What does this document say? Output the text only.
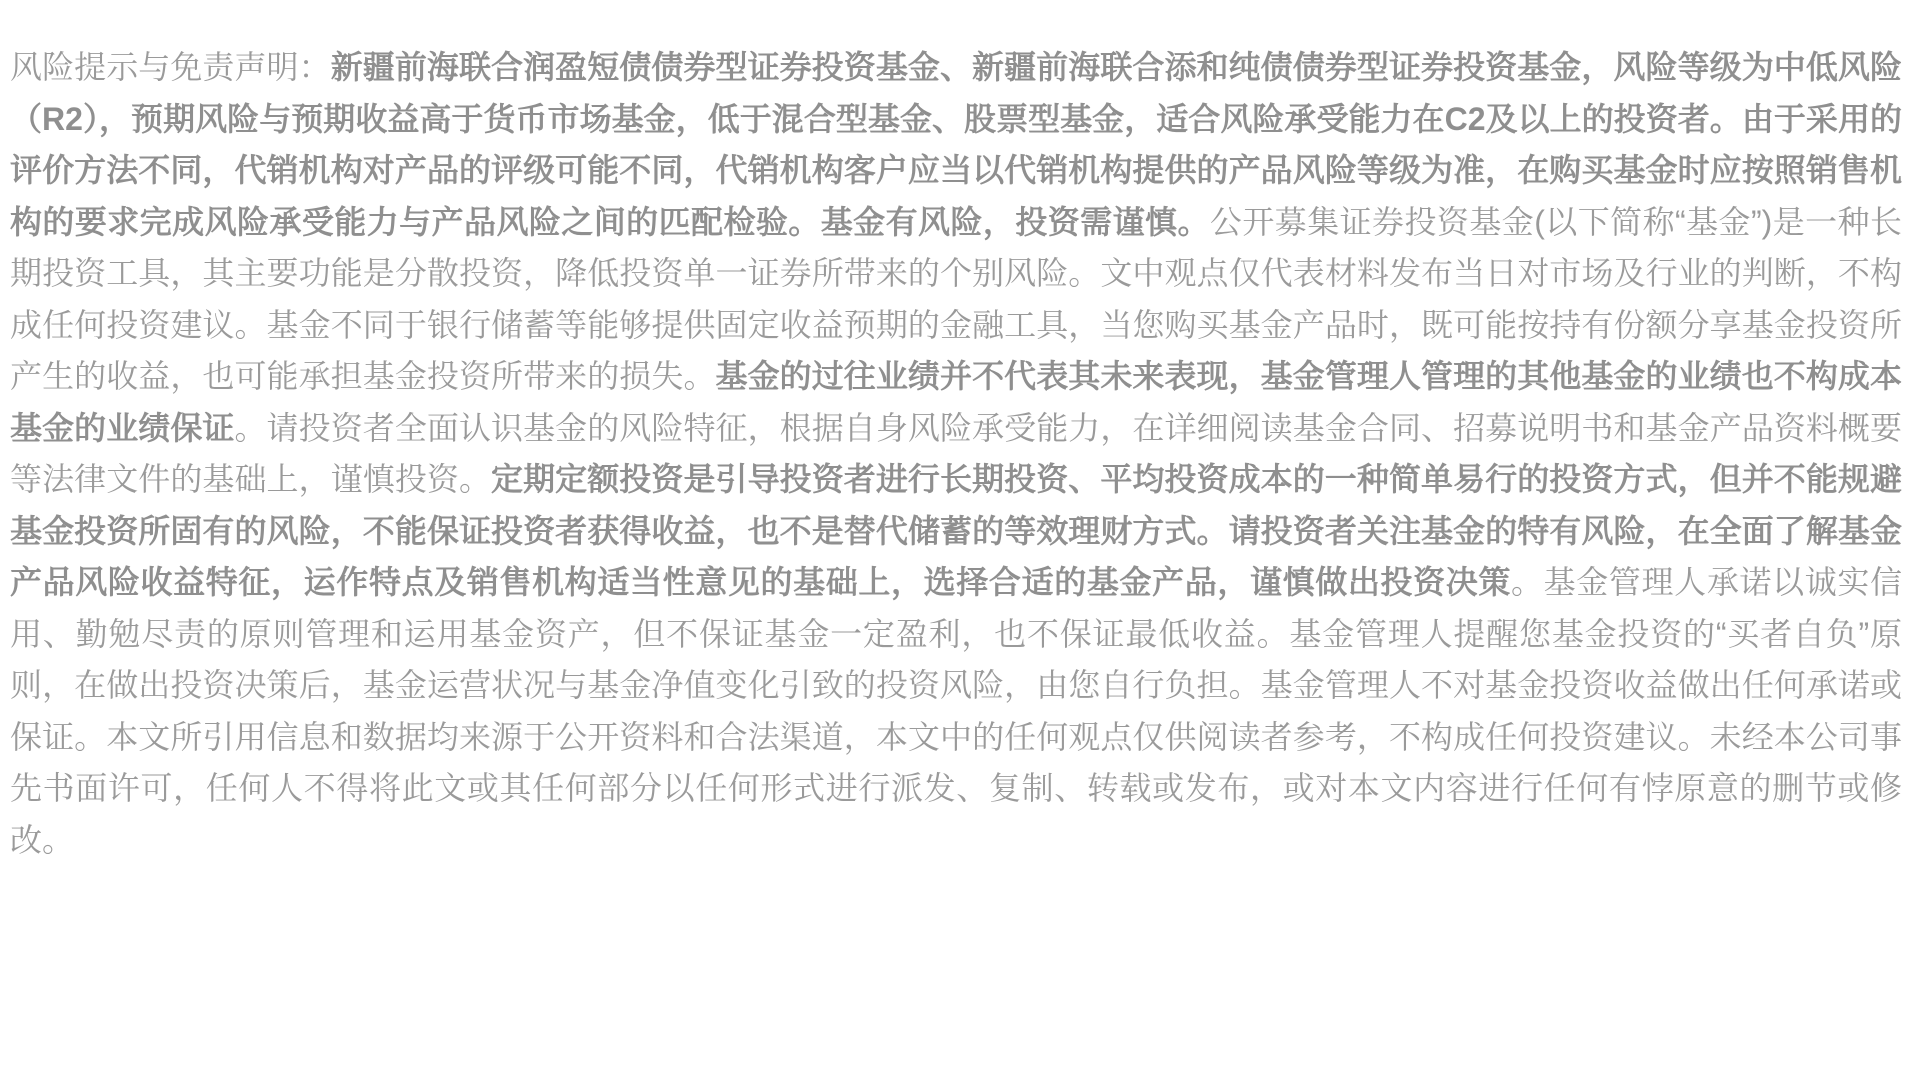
风险提示与免责声明：新疆前海联合润盈短债债券型证券投资基金、新疆前海联合添和纯债债券型证券投资基金，风险等级为中低风险（R2），预期风险与预期收益高于货币市场基金，低于混合型基金、股票型基金，适合风险承受能力在C2及以上的投资者。由于采用的评价方法不同，代销机构对产品的评级可能不同，代销机构客户应当以代销机构提供的产品风险等级为准，在购买基金时应按照销售机构的要求完成风险承受能力与产品风险之间的匹配检验。基金有风险，投资需谨慎。公开募集证券投资基金(以下简称“基金”)是一种长期投资工具，其主要功能是分散投资，降低投资单一证券所带来的个别风险。文中观点仅代表材料发布当日对市场及行业的判断，不构成任何投资建议。基金不同于银行储蓄等能够提供固定收益预期的金融工具，当您购买基金产品时，既可能按持有份额分享基金投资所产生的收益，也可能承担基金投资所带来的损失。基金的过往业绩并不代表其未来表现，基金管理人管理的其他基金的业绩也不构成本基金的业绩保证。请投资者全面认识基金的风险特征，根据自身风险承受能力，在详细阅读基金合同、招募说明书和基金产品资料概要等法律文件的基础上，谨慎投资。定期定额投资是引导投资者进行长期投资、平均投资成本的一种简单易行的投资方式，但并不能规避基金投资所固有的风险，不能保证投资者获得收益，也不是替代储蓄的等效理财方式。请投资者关注基金的特有风险，在全面了解基金产品风险收益特征，运作特点及销售机构适当性意见的基础上，选择合适的基金产品，谨慎做出投资决策。基金管理人承诺以诚实信用、勤勉尽责的原则管理和运用基金资产，但不保证基金一定盈利，也不保证最低收益。基金管理人提醒您基金投资的“买者自负”原则，在做出投资决策后，基金运营状况与基金净值变化引致的投资风险，由您自行负担。基金管理人不对基金投资收益做出任何承诺或保证。本文所引用信息和数据均来源于公开资料和合法渠道，本文中的任何观点仅供阅读者参考，不构成任何投资建议。未经本公司事先书面许可，任何人不得将此文或其任何部分以任何形式进行派发、复制、转载或发布，或对本文内容进行任何有悖原意的删节或修改。
